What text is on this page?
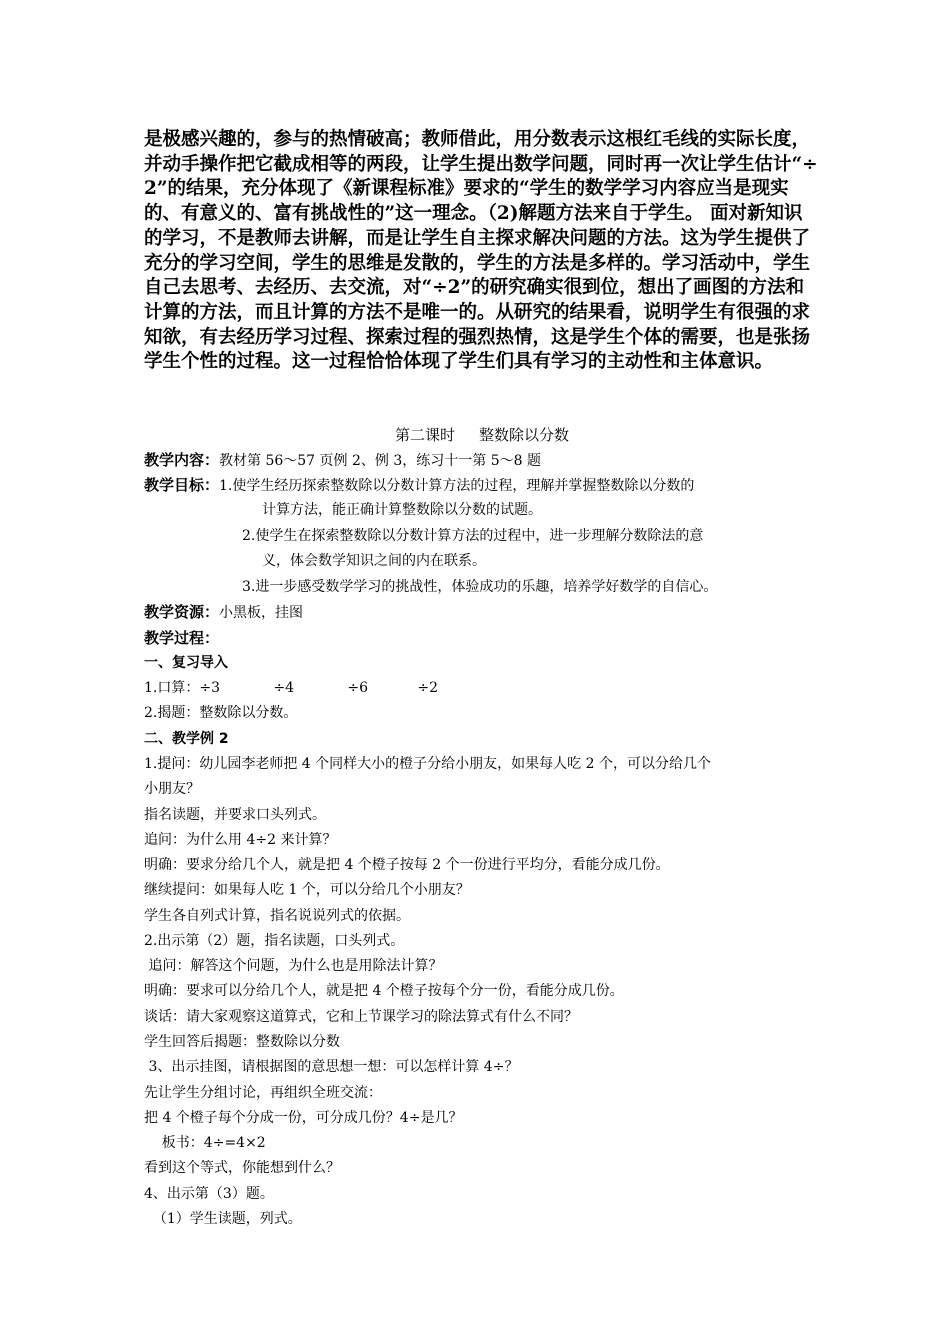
是极感兴趣的，参与的热情破高；教师借此，用分数表示这根红毛线的实际长度，并动手操作把它截成相等的两段，让学生提出数学问题，同时再一次让学生估计“÷2”的结果，充分体现了《新课程标准》要求的“学生的数学学习内容应当是现实的、有意义的、富有挑战性的”这一理念。（2)解题方法来自于学生。 面对新知识的学习，不是教师去讲解，而是让学生自主探求解决问题的方法。这为学生提供了充分的学习空间，学生的思维是发散的，学生的方法是多样的。学习活动中，学生自己去思考、去经历、去交流，对“÷2”的研究确实很到位，想出了画图的方法和计算的方法，而且计算的方法不是唯一的。从研究的结果看，说明学生有很强的求知欲，有去经历学习过程、探索过程的强烈热情，这是学生个体的需要，也是张扬学生个性的过程。这一过程恰恰体现了学生们具有学习的主动性和主体意识。

第二课时 整数除以分数
教学内容：教材第 56～57 页例 2、例 3，练习十一第 5～8 题
教学目标：1.使学生经历探索整数除以分数计算方法的过程，理解并掌握整数除以分数的
计算方法，能正确计算整数除以分数的试题。
2.使学生在探索整数除以分数计算方法的过程中，进一步理解分数除法的意
义，体会数学知识之间的内在联系。
3.进一步感受数学学习的挑战性，体验成功的乐趣，培养学好数学的自信心。
教学资源：小黑板，挂图
教学过程：
一、复习导入
1.口算：÷3	÷4	÷6	÷2
2.揭题：整数除以分数。
二、教学例 2
1.提问：幼儿园李老师把 4 个同样大小的橙子分给小朋友，如果每人吃 2 个，可以分给几个
小朋友？
指名读题，并要求口头列式。
追问：为什么用 4÷2 来计算？
明确：要求分给几个人，就是把 4 个橙子按每 2 个一份进行平均分，看能分成几份。
继续提问：如果每人吃 1 个，可以分给几个小朋友？
学生各自列式计算，指名说说列式的依据。
2.出示第（2）题，指名读题，口头列式。
追问：解答这个问题，为什么也是用除法计算？
明确：要求可以分给几个人，就是把 4 个橙子按每个分一份，看能分成几份。
谈话：请大家观察这道算式，它和上节课学习的除法算式有什么不同？
学生回答后揭题：整数除以分数
3、出示挂图，请根据图的意思想一想：可以怎样计算 4÷？
先让学生分组讨论，再组织全班交流：
把 4 个橙子每个分成一份，可分成几份？4÷是几？
板书：4÷=4×2
看到这个等式，你能想到什么？
4、出示第（3）题。
（1）学生读题，列式。
